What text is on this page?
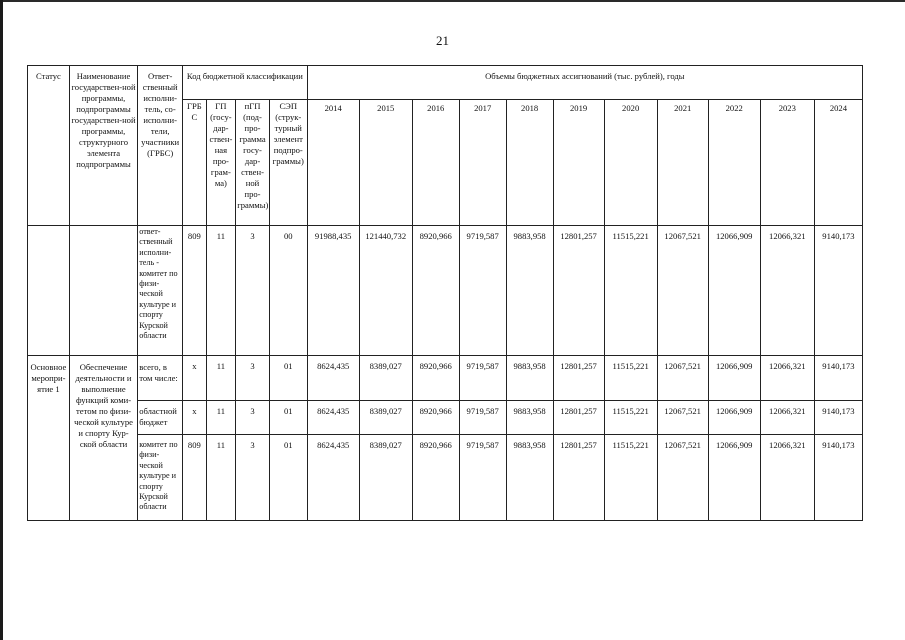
21
Статус	Наименование государствен-ной программы, подпрограммы государствен-ной программы, структурного элемента подпрограммы	Ответ-ственный исполни-тель, со-исполни-тели, участники (ГРБС)	Код бюджетной классификации				Объемы бюджетных ассигнований (тыс. рублей), годы										
			ГРБ С	ГП (госу-дар-ствен-ная про-грам-ма)	пГП (под-про-грамма госу-дар-ствен-ной про-граммы)	СЭП (струк-турный элемент подпро-граммы)	2014	2015	2016	2017	2018	2019	2020	2021	2022	2023	2024
		ответ-ственный исполни-тель - комитет по физи-ческой культуре и спорту Курской области	809	11	3	00	91988,435	121440,732	8920,966	9719,587	9883,958	12801,257	11515,221	12067,521	12066,909	12066,321	9140,173
Основное меропри-ятие 1	Обеспечение деятельности и выполнение функций коми-тетом по физи-ческой культуре и спорту Кур-ской области	всего, в том числе:	х	11	3	01	8624,435	8389,027	8920,966	9719,587	9883,958	12801,257	11515,221	12067,521	12066,909	12066,321	9140,173
		областной бюджет	х	11	3	01	8624,435	8389,027	8920,966	9719,587	9883,958	12801,257	11515,221	12067,521	12066,909	12066,321	9140,173
		комитет по физи-ческой культуре и спорту Курской области	809	11	3	01	8624,435	8389,027	8920,966	9719,587	9883,958	12801,257	11515,221	12067,521	12066,909	12066,321	9140,173
